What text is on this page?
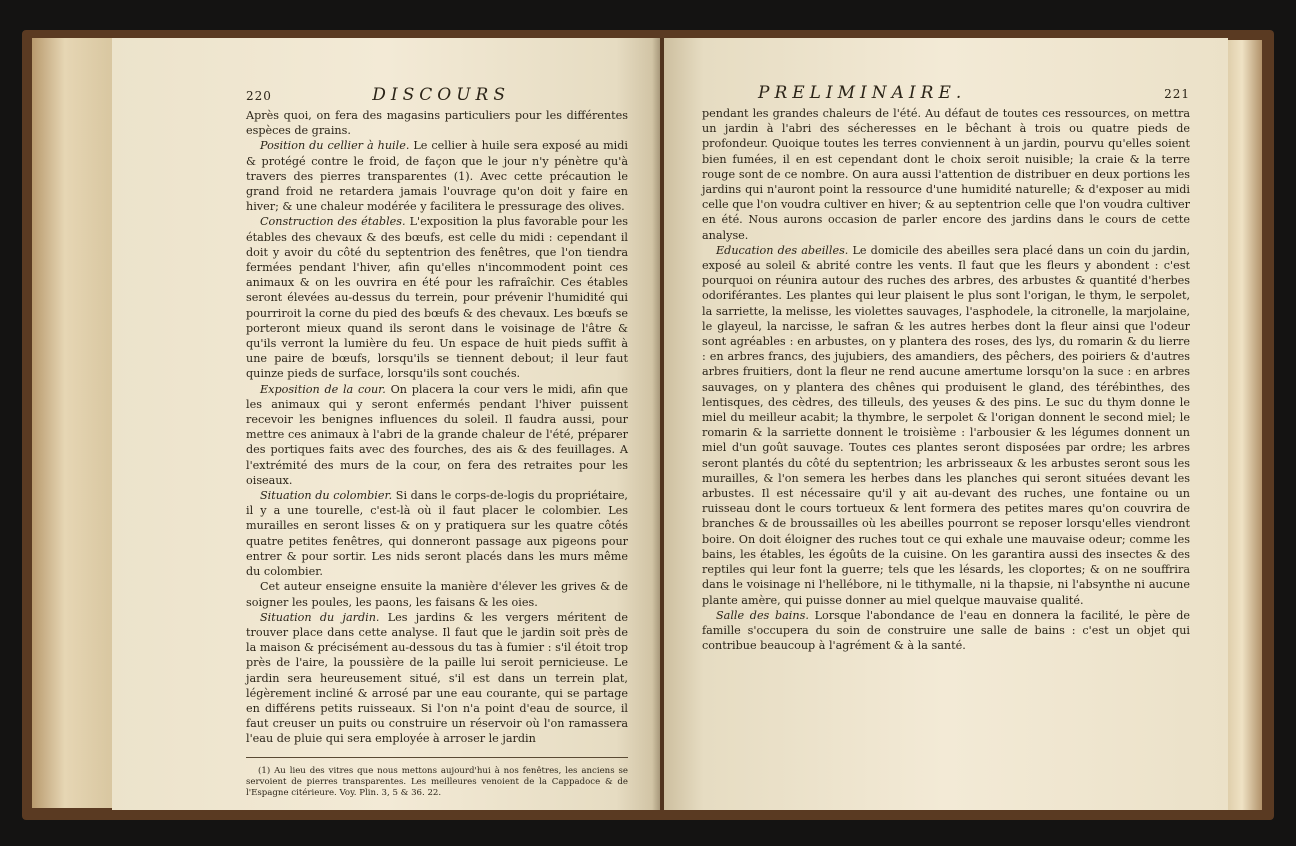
220	DISCOURS

Après quoi, on fera des magasins particuliers pour les différentes espèces de grains.

Position du cellier à huile. Le cellier à huile sera exposé au midi & protégé contre le froid, de façon que le jour n'y pénètre qu'à travers des pierres transparentes (1). Avec cette précaution le grand froid ne retardera jamais l'ouvrage qu'on doit y faire en hiver; & une chaleur modérée y facilitera le pressurage des olives.

Construction des étables. L'exposition la plus favorable pour les étables des chevaux & des bœufs, est celle du midi : cependant il doit y avoir du côté du septentrion des fenêtres, que l'on tiendra fermées pendant l'hiver, afin qu'elles n'incommodent point ces animaux & on les ouvrira en été pour les rafraîchir. Ces étables seront élevées au-dessus du terrein, pour prévenir l'humidité qui pourriroit la corne du pied des bœufs & des chevaux. Les bœufs se porteront mieux quand ils seront dans le voisinage de l'âtre & qu'ils verront la lumière du feu. Un espace de huit pieds suffit à une paire de bœufs, lorsqu'ils se tiennent debout; il leur faut quinze pieds de surface, lorsqu'ils sont couchés.

Exposition de la cour. On placera la cour vers le midi, afin que les animaux qui y seront enfermés pendant l'hiver puissent recevoir les benignes influences du soleil. Il faudra aussi, pour mettre ces animaux à l'abri de la grande chaleur de l'été, préparer des portiques faits avec des fourches, des ais & des feuillages. A l'extrémité des murs de la cour, on fera des retraites pour les oiseaux.

Situation du colombier. Si dans le corps-de-logis du propriétaire, il y a une tourelle, c'est-là où il faut placer le colombier. Les murailles en seront lisses & on y pratiquera sur les quatre côtés quatre petites fenêtres, qui donneront passage aux pigeons pour entrer & pour sortir. Les nids seront placés dans les murs même du colombier.

Cet auteur enseigne ensuite la manière d'élever les grives & de soigner les poules, les paons, les faisans & les oies.

Situation du jardin. Les jardins & les vergers méritent de trouver place dans cette analyse. Il faut que le jardin soit près de la maison & précisément au-dessous du tas à fumier : s'il étoit trop près de l'aire, la poussière de la paille lui seroit pernicieuse. Le jardin sera heureusement situé, s'il est dans un terrein plat, légèrement incliné & arrosé par une eau courante, qui se partage en différens petits ruisseaux. Si l'on n'a point d'eau de source, il faut creuser un puits ou construire un réservoir où l'on ramassera l'eau de pluie qui sera employée à arroser le jardin

(1) Au lieu des vitres que nous mettons aujourd'hui à nos fenêtres, les anciens se servoient de pierres transparentes. Les meilleures venoient de la Cappadoce & de l'Espagne citérieure. Voy. Plin. 3, 5 & 36. 22.

PRELIMINAIRE.	221

pendant les grandes chaleurs de l'été. Au défaut de toutes ces ressources, on mettra un jardin à l'abri des sécheresses en le bêchant à trois ou quatre pieds de profondeur. Quoique toutes les terres conviennent à un jardin, pourvu qu'elles soient bien fumées, il en est cependant dont le choix seroit nuisible; la craie & la terre rouge sont de ce nombre. On aura aussi l'attention de distribuer en deux portions les jardins qui n'auront point la ressource d'une humidité naturelle; & d'exposer au midi celle que l'on voudra cultiver en hiver; & au septentrion celle que l'on voudra cultiver en été. Nous aurons occasion de parler encore des jardins dans le cours de cette analyse.

Education des abeilles. Le domicile des abeilles sera placé dans un coin du jardin, exposé au soleil & abrité contre les vents. Il faut que les fleurs y abondent : c'est pourquoi on réunira autour des ruches des arbres, des arbustes & quantité d'herbes odoriférantes. Les plantes qui leur plaisent le plus sont l'origan, le thym, le serpolet, la sarriette, la melisse, les violettes sauvages, l'asphodele, la citronelle, la marjolaine, le glayeul, la narcisse, le safran & les autres herbes dont la fleur ainsi que l'odeur sont agréables : en arbustes, on y plantera des roses, des lys, du romarin & du lierre : en arbres francs, des jujubiers, des amandiers, des pêchers, des poiriers & d'autres arbres fruitiers, dont la fleur ne rend aucune amertume lorsqu'on la suce : en arbres sauvages, on y plantera des chênes qui produisent le gland, des térébinthes, des lentisques, des cèdres, des tilleuls, des yeuses & des pins. Le suc du thym donne le miel du meilleur acabit; la thymbre, le serpolet & l'origan donnent le second miel; le romarin & la sarriette donnent le troisième : l'arbousier & les légumes donnent un miel d'un goût sauvage. Toutes ces plantes seront disposées par ordre; les arbres seront plantés du côté du septentrion; les arbrisseaux & les arbustes seront sous les murailles, & l'on semera les herbes dans les planches qui seront situées devant les arbustes. Il est nécessaire qu'il y ait au-devant des ruches, une fontaine ou un ruisseau dont le cours tortueux & lent formera des petites mares qu'on couvrira de branches & de broussailles où les abeilles pourront se reposer lorsqu'elles viendront boire. On doit éloigner des ruches tout ce qui exhale une mauvaise odeur; comme les bains, les étables, les égoûts de la cuisine. On les garantira aussi des insectes & des reptiles qui leur font la guerre; tels que les lésards, les cloportes; & on ne souffrira dans le voisinage ni l'hellébore, ni le tithymalle, ni la thapsie, ni l'absynthe ni aucune plante amère, qui puisse donner au miel quelque mauvaise qualité.

Salle des bains. Lorsque l'abondance de l'eau en donnera la facilité, le père de famille s'occupera du soin de construire une salle de bains : c'est un objet qui contribue beaucoup à l'agrément & à la santé.
